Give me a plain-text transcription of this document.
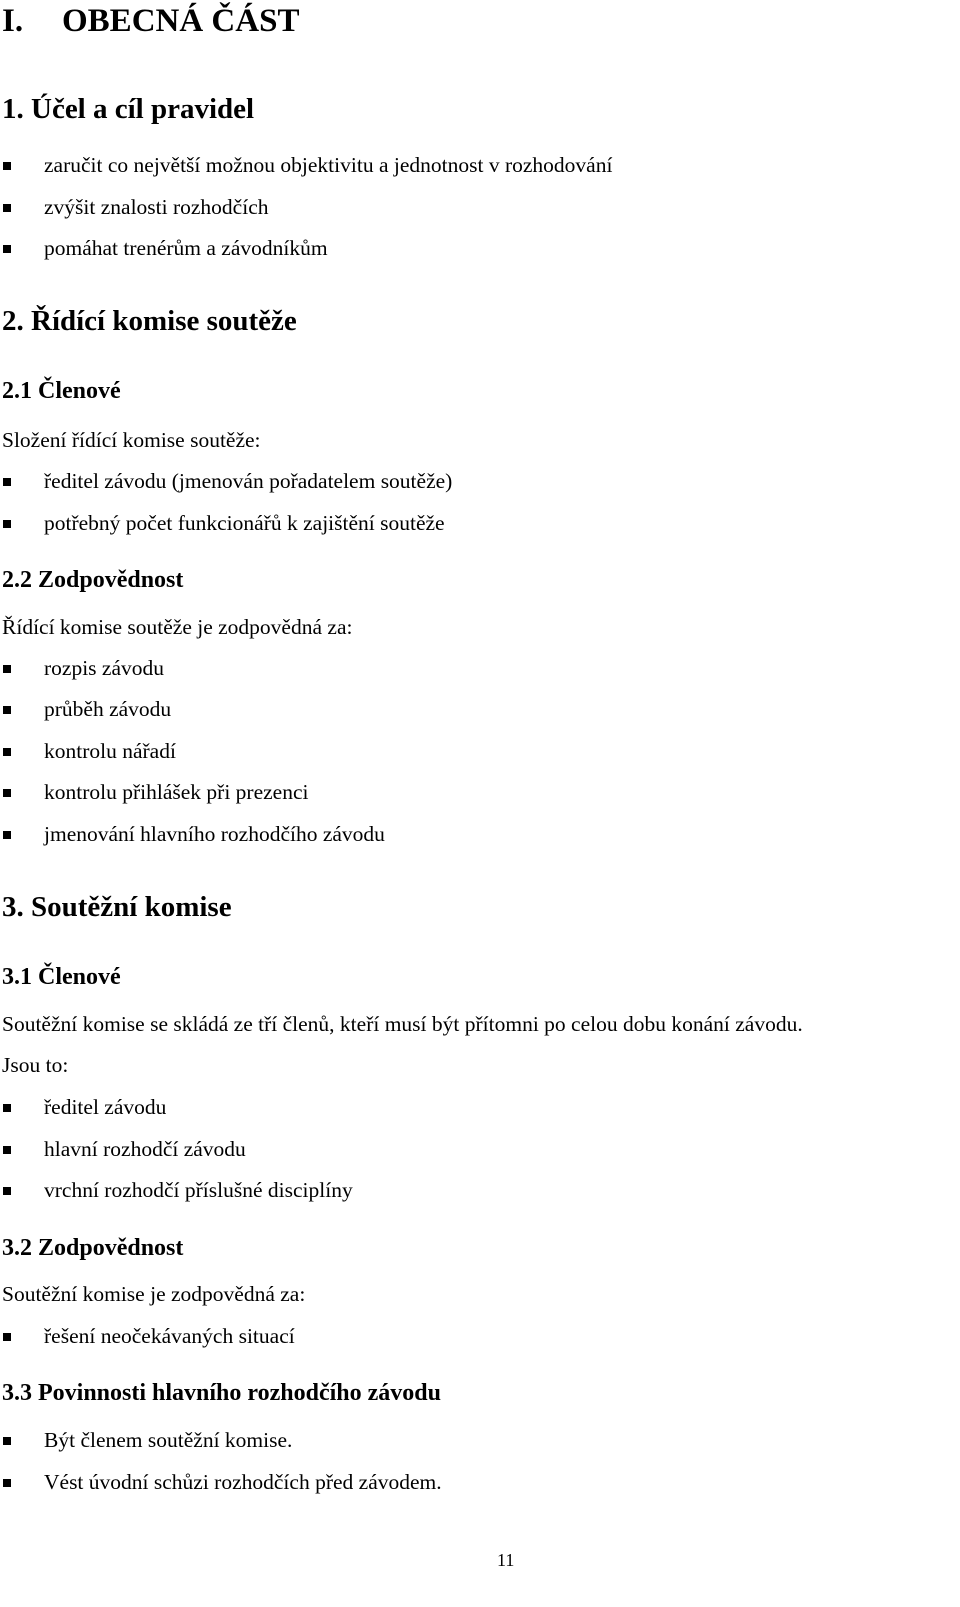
I. OBECNÁ ČÁST
1. Účel a cíl pravidel
zaručit co největší možnou objektivitu a jednotnost v rozhodování
zvýšit znalosti rozhodčích
pomáhat trenérům a závodníkům
2. Řídící komise soutěže
2.1 Členové
Složení řídící komise soutěže:
ředitel závodu (jmenován pořadatelem soutěže)
potřebný počet funkcionářů k zajištění soutěže
2.2 Zodpovědnost
Řídící komise soutěže je zodpovědná za:
rozpis závodu
průběh závodu
kontrolu nářadí
kontrolu přihlášek při prezenci
jmenování hlavního rozhodčího závodu
3. Soutěžní komise
3.1 Členové
Soutěžní komise se skládá ze tří členů, kteří musí být přítomni po celou dobu konání závodu.
Jsou to:
ředitel závodu
hlavní rozhodčí závodu
vrchní rozhodčí příslušné disciplíny
3.2 Zodpovědnost
Soutěžní komise je zodpovědná za:
řešení neočekávaných situací
3.3 Povinnosti hlavního rozhodčího závodu
Být členem soutěžní komise.
Vést úvodní schůzi rozhodčích před závodem.
11
